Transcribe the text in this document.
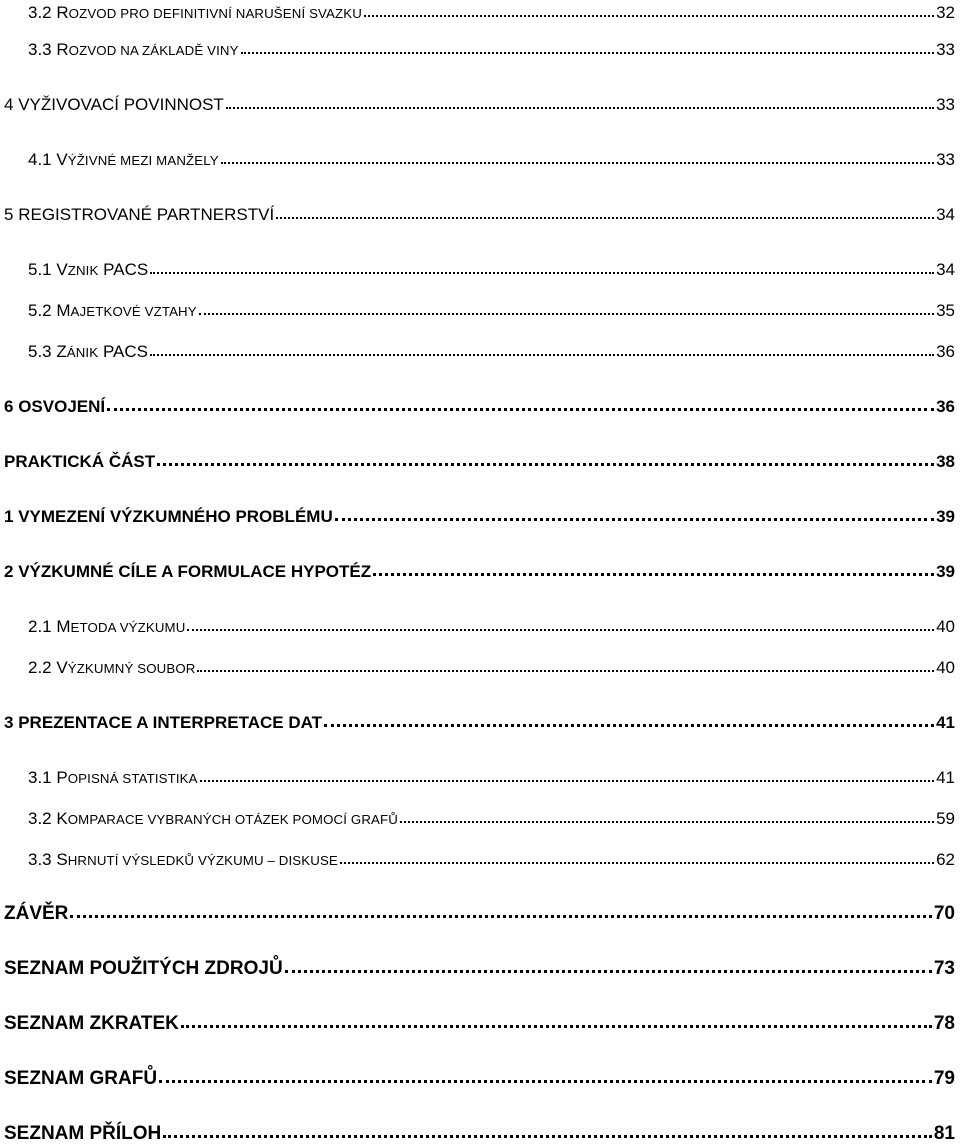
3.2 ROZVOD PRO DEFINITIVNÍ NARUŠENÍ SVAZKU	32
3.3 ROZVOD NA ZÁKLADĚ VINY	33
4 VYŽIVOVACÍ POVINNOST	33
4.1 VÝŽIVNÉ MEZI MANŽELY	33
5 REGISTROVANÉ PARTNERSTVÍ	34
5.1 VZNIK PACS	34
5.2 MAJETKOVÉ VZTAHY	35
5.3 ZÁNIK PACS	36
6 OSVOJENÍ	36
PRAKTICKÁ ČÁST	38
1 VYMEZENÍ VÝZKUMNÉHO PROBLÉMU	39
2 VÝZKUMNÉ CÍLE A FORMULACE HYPOTÉZ	39
2.1 METODA VÝZKUMU	40
2.2 VÝZKUMNÝ SOUBOR	40
3 PREZENTACE A INTERPRETACE DAT	41
3.1 POPISNÁ STATISTIKA	41
3.2 KOMPARACE VYBRANÝCH OTÁZEK POMOCÍ GRAFŮ	59
3.3 SHRNUTÍ VÝSLEDKŮ VÝZKUMU – DISKUSE	62
ZÁVĚR	70
SEZNAM POUŽITÝCH ZDROJŮ	73
SEZNAM ZKRATEK	78
SEZNAM GRAFŮ	79
SEZNAM PŘÍLOH	81
